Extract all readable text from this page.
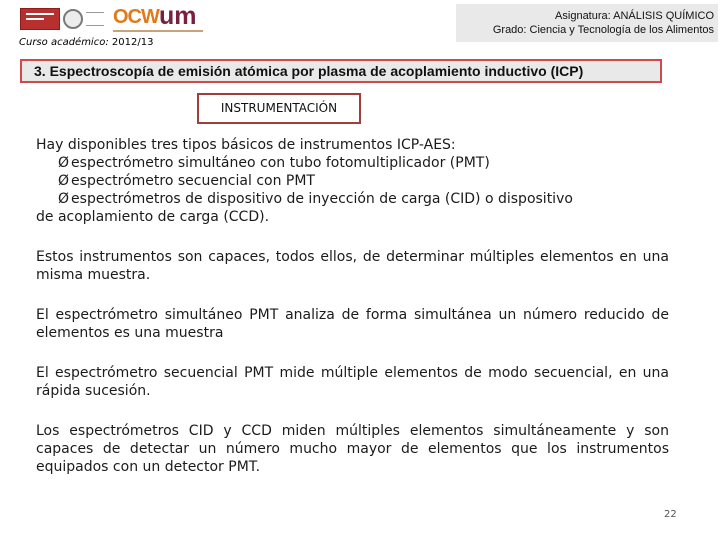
OCW um
Curso académico: 2012/13
Asignatura: ANÁLISIS QUÍMICO
Grado: Ciencia y Tecnología de los Alimentos
3. Espectroscopía de emisión atómica por plasma de acoplamiento inductivo (ICP)
INSTRUMENTACIÓN
Hay disponibles tres tipos básicos de instrumentos ICP-AES:
Ø espectrómetro simultáneo con tubo fotomultiplicador (PMT)
Ø espectrómetro secuencial con PMT
Ø espectrómetros de dispositivo de inyección de carga (CID) o dispositivo
de acoplamiento de carga (CCD).
Estos instrumentos son capaces, todos ellos, de determinar múltiples elementos en una misma muestra.
El espectrómetro simultáneo PMT analiza de forma simultánea un número reducido de elementos es una muestra
El espectrómetro secuencial PMT mide múltiple elementos de modo secuencial, en una rápida sucesión.
Los espectrómetros CID y CCD miden múltiples elementos simultáneamente y son capaces de detectar un número mucho mayor de elementos que los instrumentos equipados con un detector PMT.
22
